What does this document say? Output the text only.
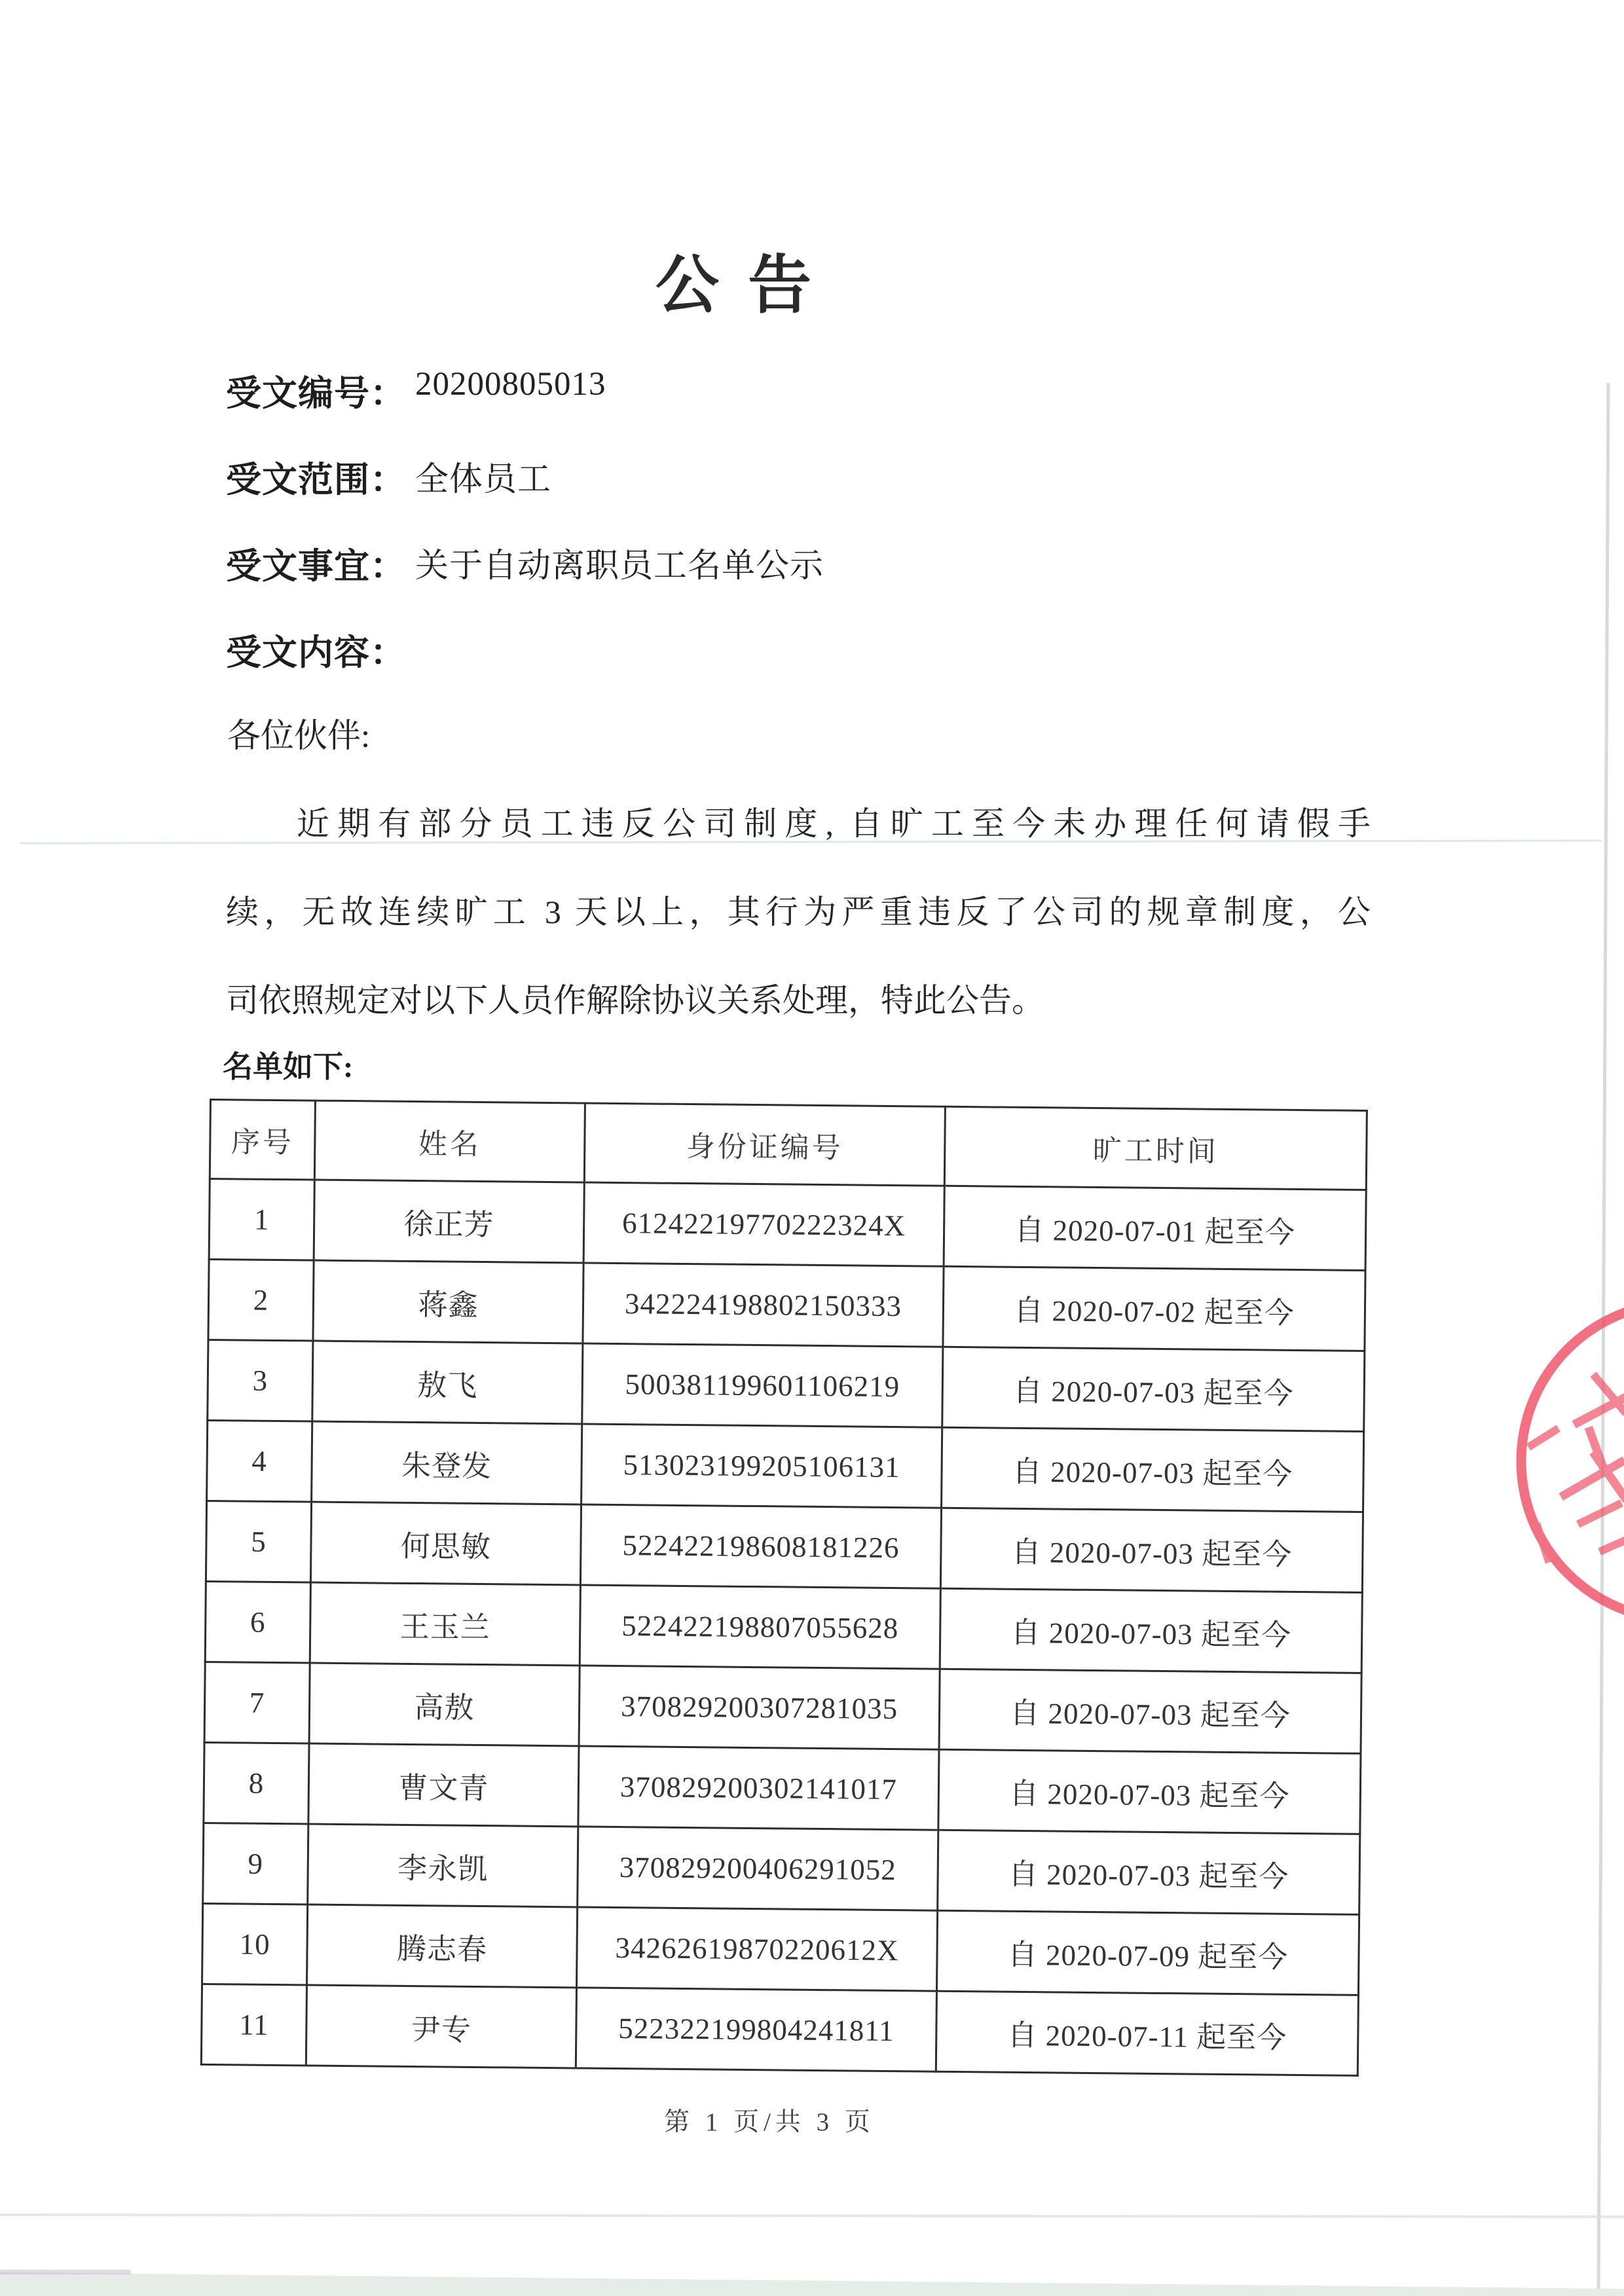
公 告
受文编号： 20200805013
受文范围： 全体员工
受文事宜： 关于自动离职员工名单公示
受文内容：
各位伙伴:
近期有部分员工违反公司制度, 自旷工至今未办理任何请假手
续，无故连续旷工 3 天以上，其行为严重违反了公司的规章制度，公
司依照规定对以下人员作解除协议关系处理，特此公告。
名单如下:
序号	姓名	身份证编号	旷工时间
1	徐正芳	61242219770222324X	自 2020-07-01 起至今
2	蒋鑫	342224198802150333	自 2020-07-02 起至今
3	敖飞	500381199601106219	自 2020-07-03 起至今
4	朱登发	513023199205106131	自 2020-07-03 起至今
5	何思敏	522422198608181226	自 2020-07-03 起至今
6	王玉兰	522422198807055628	自 2020-07-03 起至今
7	高敖	370829200307281035	自 2020-07-03 起至今
8	曹文青	370829200302141017	自 2020-07-03 起至今
9	李永凯	370829200406291052	自 2020-07-03 起至今
10	腾志春	34262619870220612X	自 2020-07-09 起至今
11	尹专	522322199804241811	自 2020-07-11 起至今
第 1 页/共 3 页
